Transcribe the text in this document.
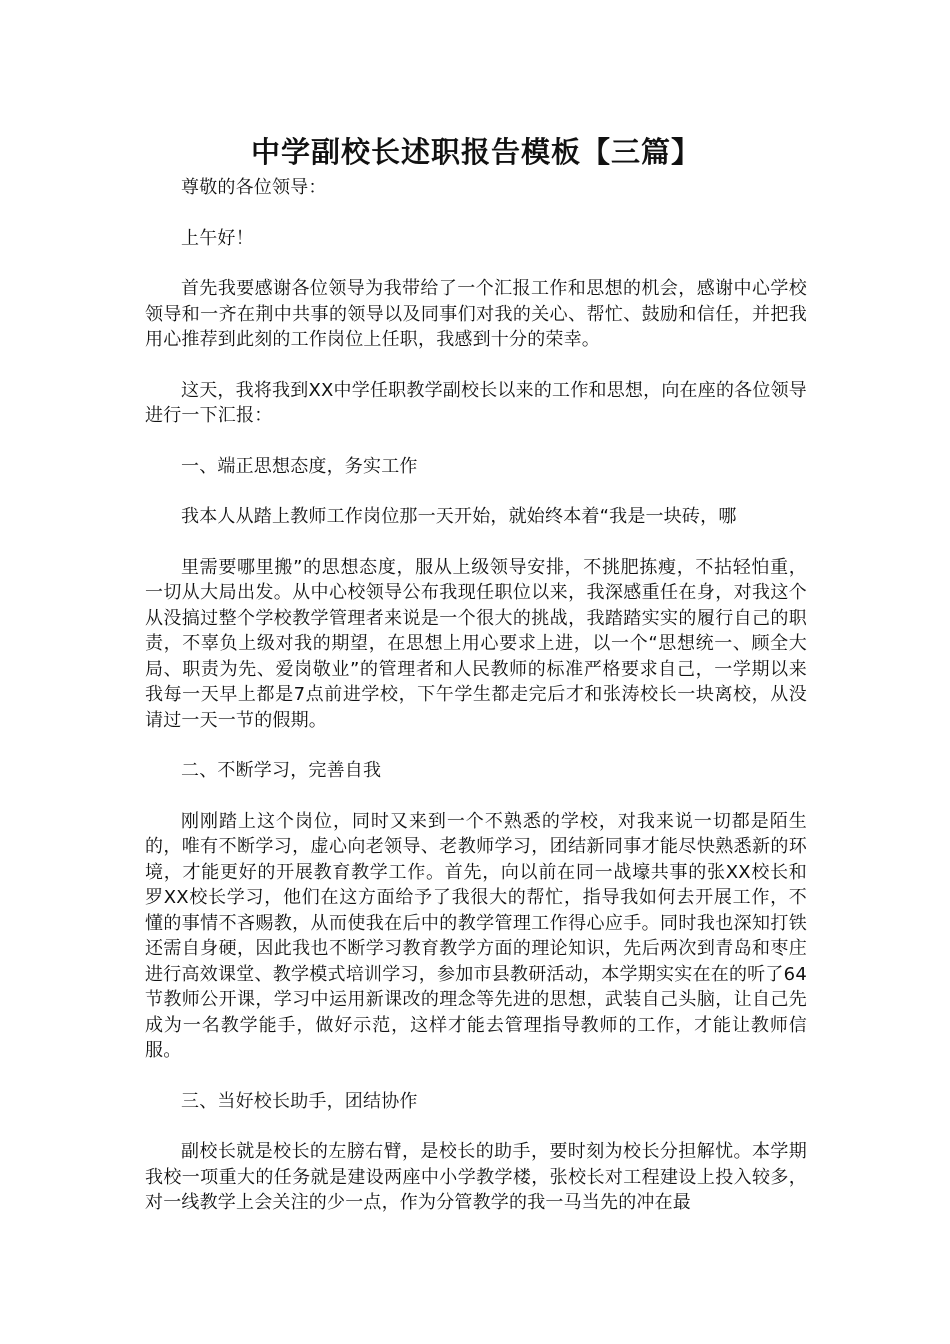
中学副校长述职报告模板【三篇】

尊敬的各位领导：

上午好！

首先我要感谢各位领导为我带给了一个汇报工作和思想的机会，感谢中心学校领导和一齐在荆中共事的领导以及同事们对我的关心、帮忙、鼓励和信任，并把我用心推荐到此刻的工作岗位上任职，我感到十分的荣幸。

这天，我将我到XX中学任职教学副校长以来的工作和思想，向在座的各位领导进行一下汇报：

一、端正思想态度，务实工作

我本人从踏上教师工作岗位那一天开始，就始终本着“我是一块砖，哪

里需要哪里搬”的思想态度，服从上级领导安排，不挑肥拣瘦，不拈轻怕重，一切从大局出发。从中心校领导公布我现任职位以来，我深感重任在身，对我这个从没搞过整个学校教学管理者来说是一个很大的挑战，我踏踏实实的履行自己的职责，不辜负上级对我的期望，在思想上用心要求上进，以一个“思想统一、顾全大局、职责为先、爱岗敬业”的管理者和人民教师的标准严格要求自己，一学期以来我每一天早上都是7点前进学校，下午学生都走完后才和张涛校长一块离校，从没请过一天一节的假期。

二、不断学习，完善自我

刚刚踏上这个岗位，同时又来到一个不熟悉的学校，对我来说一切都是陌生的，唯有不断学习，虚心向老领导、老教师学习，团结新同事才能尽快熟悉新的环境，才能更好的开展教育教学工作。首先，向以前在同一战壕共事的张XX校长和罗XX校长学习，他们在这方面给予了我很大的帮忙，指导我如何去开展工作，不懂的事情不吝赐教，从而使我在后中的教学管理工作得心应手。同时我也深知打铁还需自身硬，因此我也不断学习教育教学方面的理论知识，先后两次到青岛和枣庄进行高效课堂、教学模式培训学习，参加市县教研活动，本学期实实在在的听了64节教师公开课，学习中运用新课改的理念等先进的思想，武装自己头脑，让自己先成为一名教学能手，做好示范，这样才能去管理指导教师的工作，才能让教师信服。

三、当好校长助手，团结协作

副校长就是校长的左膀右臂，是校长的助手，要时刻为校长分担解忧。本学期我校一项重大的任务就是建设两座中小学教学楼，张校长对工程建设上投入较多，对一线教学上会关注的少一点，作为分管教学的我一马当先的冲在最
